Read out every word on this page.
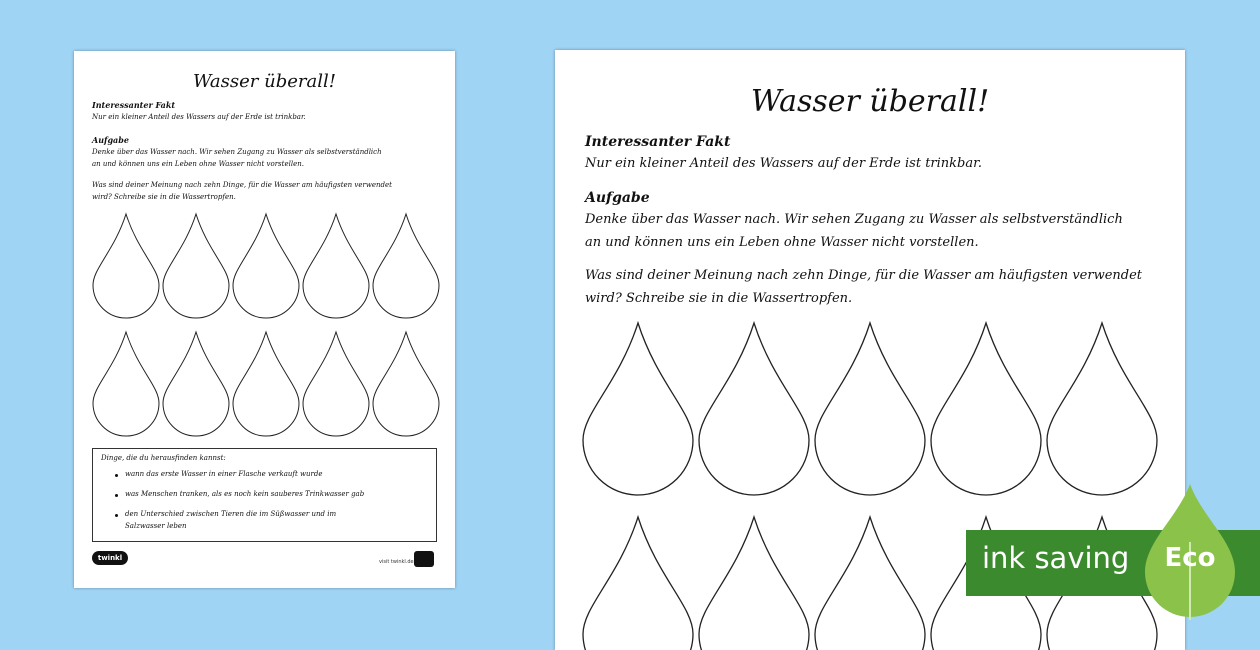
Wasser überall!
Interessanter Fakt
Nur ein kleiner Anteil des Wassers auf der Erde ist trinkbar.
Aufgabe
Denke über das Wasser nach. Wir sehen Zugang zu Wasser als selbstverständlich
an und können uns ein Leben ohne Wasser nicht vorstellen.
Was sind deiner Meinung nach zehn Dinge, für die Wasser am häufigsten verwendet
wird? Schreibe sie in die Wassertropfen.
Dinge, die du herausfinden kannst:
wann das erste Wasser in einer Flasche verkauft wurde
was Menschen tranken, als es noch kein sauberes Trinkwasser gab
den Unterschied zwischen Tieren die im Süßwasser und im
Salzwasser leben
twinkl	visit twinkl.de
Wasser überall!
Interessanter Fakt
Nur ein kleiner Anteil des Wassers auf der Erde ist trinkbar.
Aufgabe
Denke über das Wasser nach. Wir sehen Zugang zu Wasser als selbstverständlich
an und können uns ein Leben ohne Wasser nicht vorstellen.
Was sind deiner Meinung nach zehn Dinge, für die Wasser am häufigsten verwendet
wird? Schreibe sie in die Wassertropfen.
ink saving Eco
